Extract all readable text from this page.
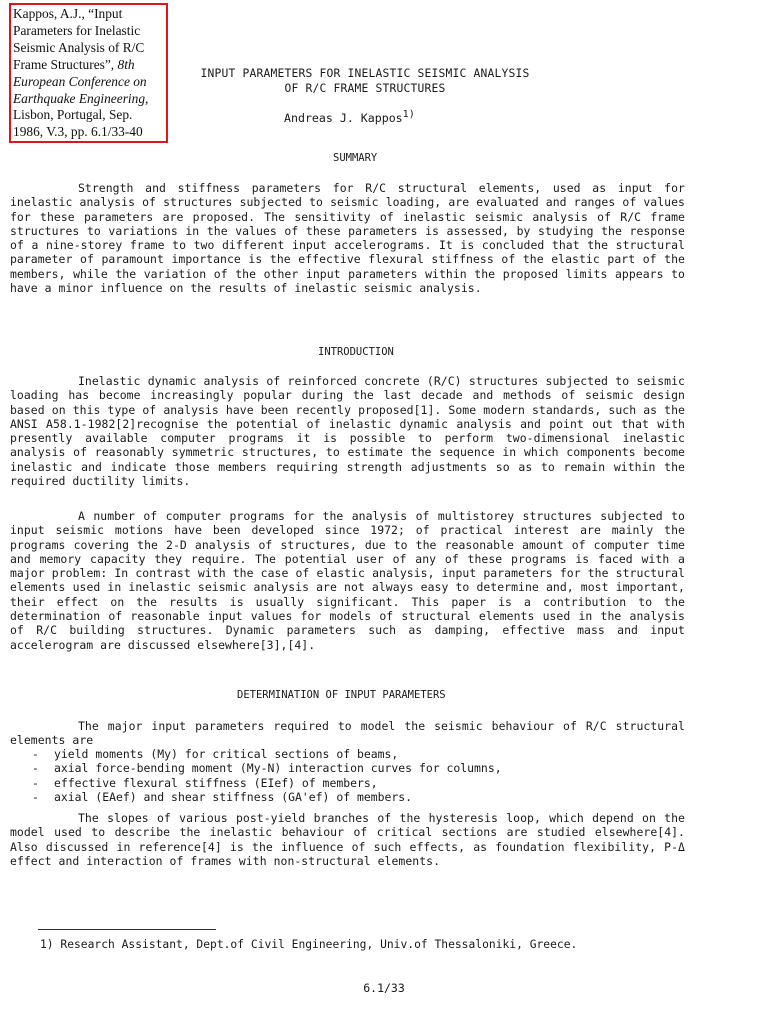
Kappos, A.J., “Input Parameters for Inelastic Seismic Analysis of R/C Frame Structures”, 8th European Conference on Earthquake Engineering, Lisbon, Portugal, Sep. 1986, V.3, pp. 6.1/33-40
INPUT PARAMETERS FOR INELASTIC SEISMIC ANALYSIS
OF R/C FRAME STRUCTURES
Andreas J. Kappos$^{1)}$
SUMMARY
Strength and stiffness parameters for R/C structural elements, used as input for inelastic analysis of structures subjected to seismic loading, are evaluated and ranges of values for these parameters are proposed. The sensitivity of inelastic seismic analysis of R/C frame structures to variations in the values of these parameters is assessed, by studying the response of a nine-storey frame to two different input accelerograms. It is concluded that the structural parameter of paramount importance is the effective flexural stiffness of the elastic part of the members, while the variation of the other input parameters within the proposed limits appears to have a minor influence on the results of inelastic seismic analysis.
INTRODUCTION
Inelastic dynamic analysis of reinforced concrete (R/C) structures subjected to seismic loading has become increasingly popular during the last decade and methods of seismic design based on this type of analysis have been recently proposed[1]. Some modern standards, such as the ANSI A58.1-1982[2]recognise the potential of inelastic dynamic analysis and point out that with presently available computer programs it is possible to perform two-dimensional inelastic analysis of reasonably symmetric structures, to estimate the sequence in which components become inelastic and indicate those members requiring strength adjustments so as to remain within the required ductility limits.
A number of computer programs for the analysis of multistorey structures subjected to input seismic motions have been developed since 1972; of practical interest are mainly the programs covering the 2-D analysis of structures, due to the reasonable amount of computer time and memory capacity they require. The potential user of any of these programs is faced with a major problem: In contrast with the case of elastic analysis, input parameters for the structural elements used in inelastic seismic analysis are not always easy to determine and, most important, their effect on the results is usually significant. This paper is a contribution to the determination of reasonable input values for models of structural elements used in the analysis of R/C building structures. Dynamic parameters such as damping, effective mass and input accelerogram are discussed elsewhere[3],[4].
DETERMINATION OF INPUT PARAMETERS
The major input parameters required to model the seismic behaviour of R/C structural elements are
- yield moments (My) for critical sections of beams,
- axial force-bending moment (My-N) interaction curves for columns,
- effective flexural stiffness (EIef) of members,
- axial (EAef) and shear stiffness (GA'ef) of members.
The slopes of various post-yield branches of the hysteresis loop, which depend on the model used to describe the inelastic behaviour of critical sections are studied elsewhere[4]. Also discussed in reference[4] is the influence of such effects, as foundation flexibility, P-Δ effect and interaction of frames with non-structural elements.
1) Research Assistant, Dept.of Civil Engineering, Univ.of Thessaloniki, Greece.
6.1/33
